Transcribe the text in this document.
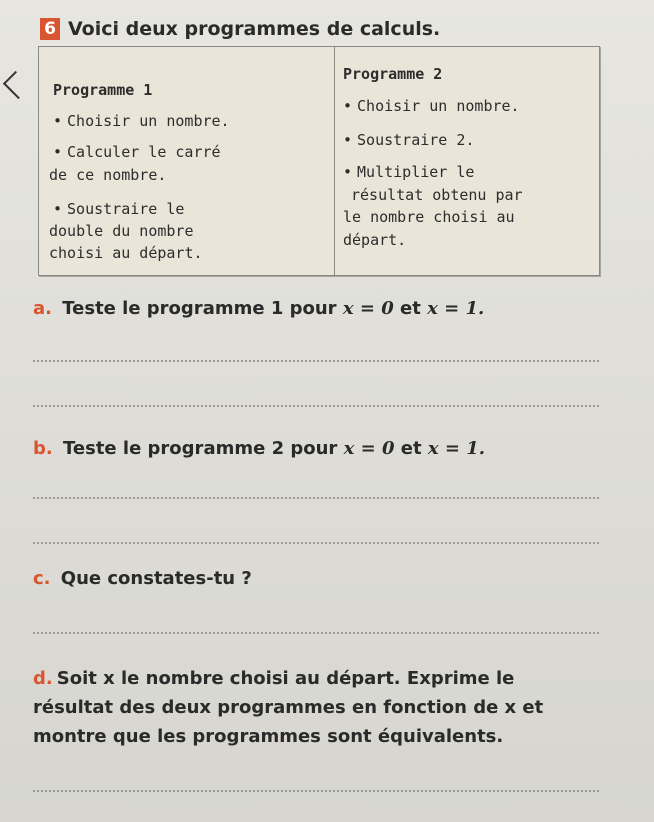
6 Voici deux programmes de calculs.
Programme 1
• Choisir un nombre.
• Calculer le carré
de ce nombre.
• Soustraire le
double du nombre
choisi au départ.
Programme 2
• Choisir un nombre.
• Soustraire 2.
• Multiplier le
résultat obtenu par
le nombre choisi au
départ.
a. Teste le programme 1 pour x = 0 et x = 1.
b. Teste le programme 2 pour x = 0 et x = 1.
c. Que constates-tu ?
d. Soit x le nombre choisi au départ. Exprime le
résultat des deux programmes en fonction de x et
montre que les programmes sont équivalents.
